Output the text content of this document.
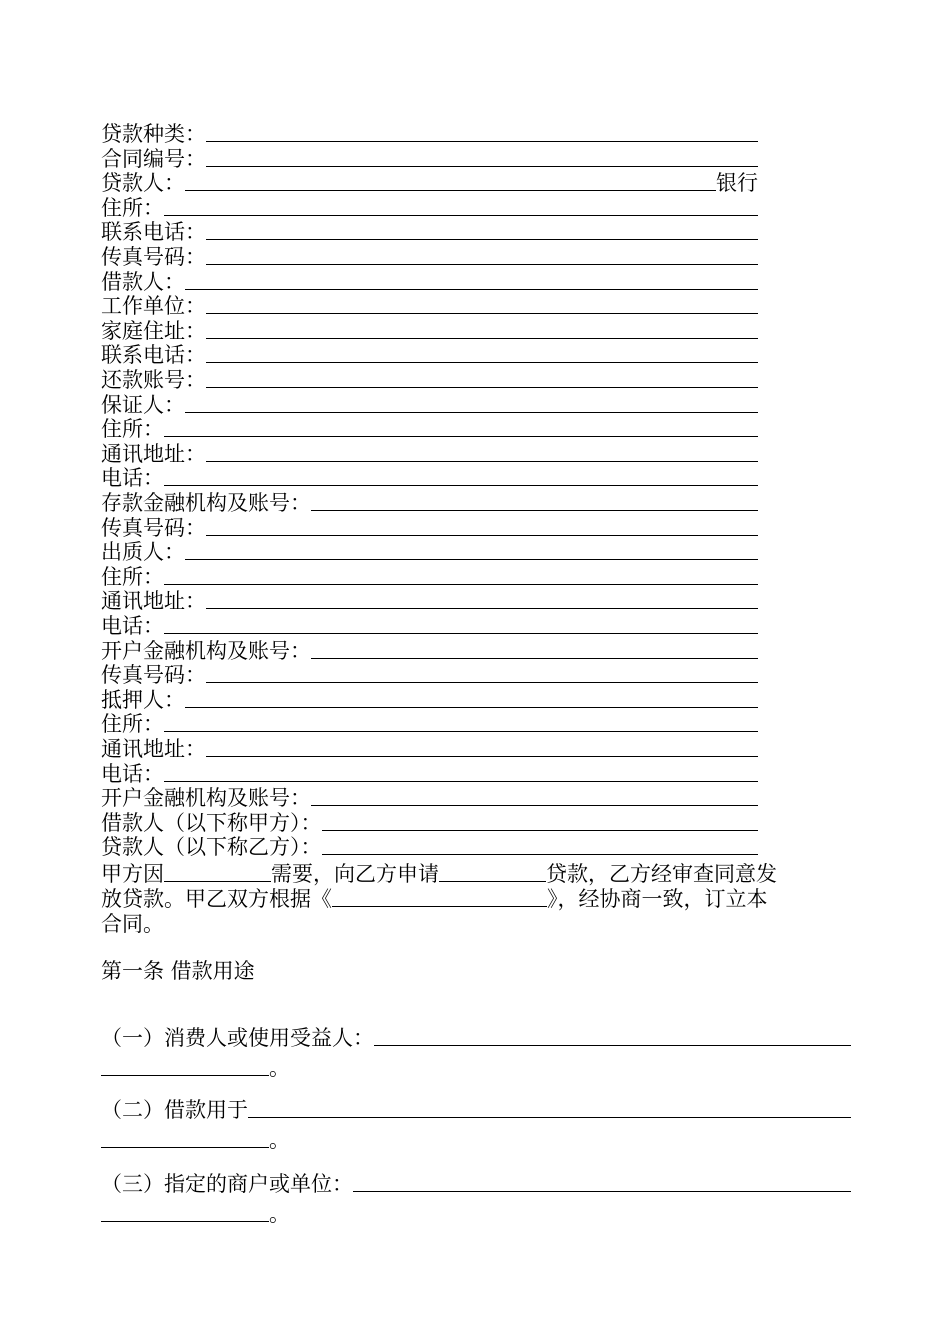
贷款种类：
合同编号：
贷款人：	银行
住所：
联系电话：
传真号码：
借款人：
工作单位：
家庭住址：
联系电话：
还款账号：
保证人：
住所：
通讯地址：
电话：
存款金融机构及账号：
传真号码：
出质人：
住所：
通讯地址：
电话：
开户金融机构及账号：
传真号码：
抵押人：
住所：
通讯地址：
电话：
开户金融机构及账号：
借款人（以下称甲方）：
贷款人（以下称乙方）：
甲方因	需要，向乙方申请	贷款，乙方经审查同意发
放贷款。甲乙双方根据《	》，经协商一致，订立本
合同。
第一条 借款用途
（一）消费人或使用受益人：
。
（二）借款用于
。
（三）指定的商户或单位：
。
